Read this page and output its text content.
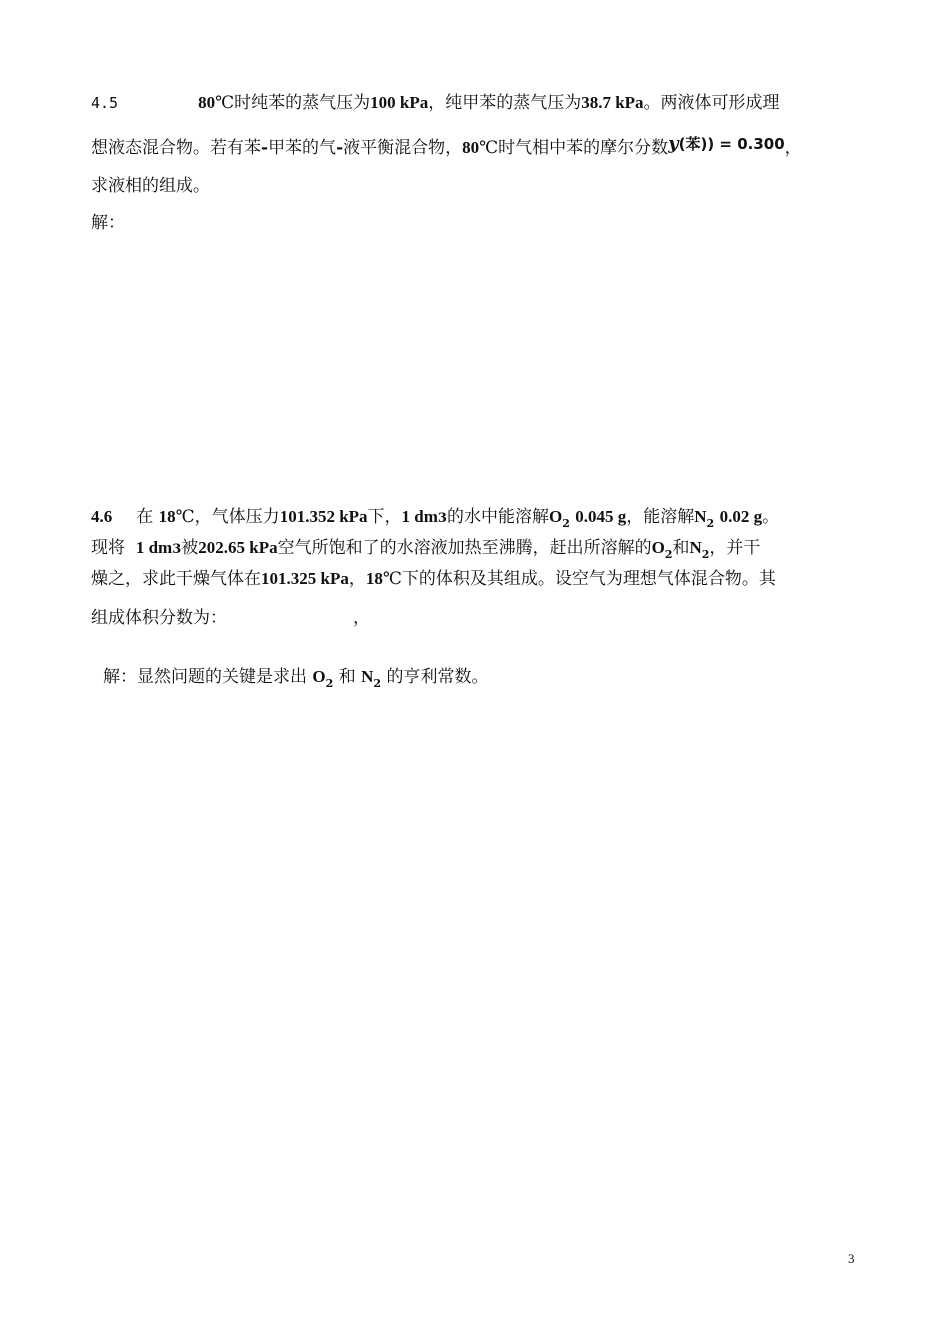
4.5	80℃时纯苯的蒸气压为100 kPa，纯甲苯的蒸气压为38.7 kPa。两液体可形成理
想液态混合物。若有苯-甲苯的气-液平衡混合物，80℃时气相中苯的摩尔分数y(苯)) = 0.300，
求液相的组成。
解：
4.6 在 18℃，气体压力101.352 kPa下，1 dm3的水中能溶解$O_2$ 0.045 g，能溶解$N_2$ 0.02 g。
现将 1 dm3被202.65 kPa空气所饱和了的水溶液加热至沸腾，赶出所溶解的$O_2$和$N_2$，并干
燥之，求此干燥气体在101.325 kPa，18℃下的体积及其组成。设空气为理想气体混合物。其
组成体积分数为：	，
解：显然问题的关键是求出 $O_2$ 和 $N_2$ 的亨利常数。
3
